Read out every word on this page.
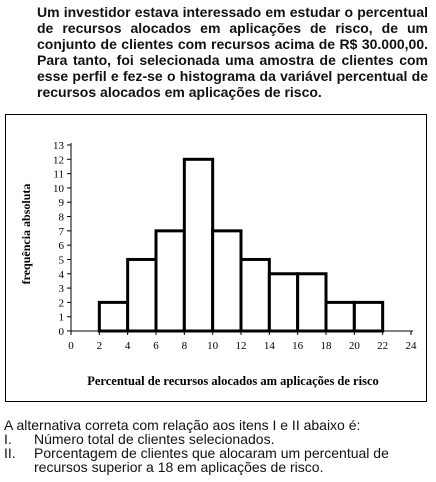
Um investidor estava interessado em estudar o percentual de recursos alocados em aplicações de risco, de um conjunto de clientes com recursos acima de R$ 30.000,00. Para tanto, foi selecionada uma amostra de clientes com esse perfil e fez-se o histograma da variável percentual de recursos alocados em aplicações de risco.
0
1
2
3
4
5
6
7
8
9
10
11
12
13
0 2 4 6 8 10 12 14 16 18 20 22 24
frequência absoluta
Percentual de recursos alocados am aplicações de risco
A alternativa correta com relação aos itens I e II abaixo é:
I. Número total de clientes selecionados.
II. Porcentagem de clientes que alocaram um percentual de recursos superior a 18 em aplicações de risco.
